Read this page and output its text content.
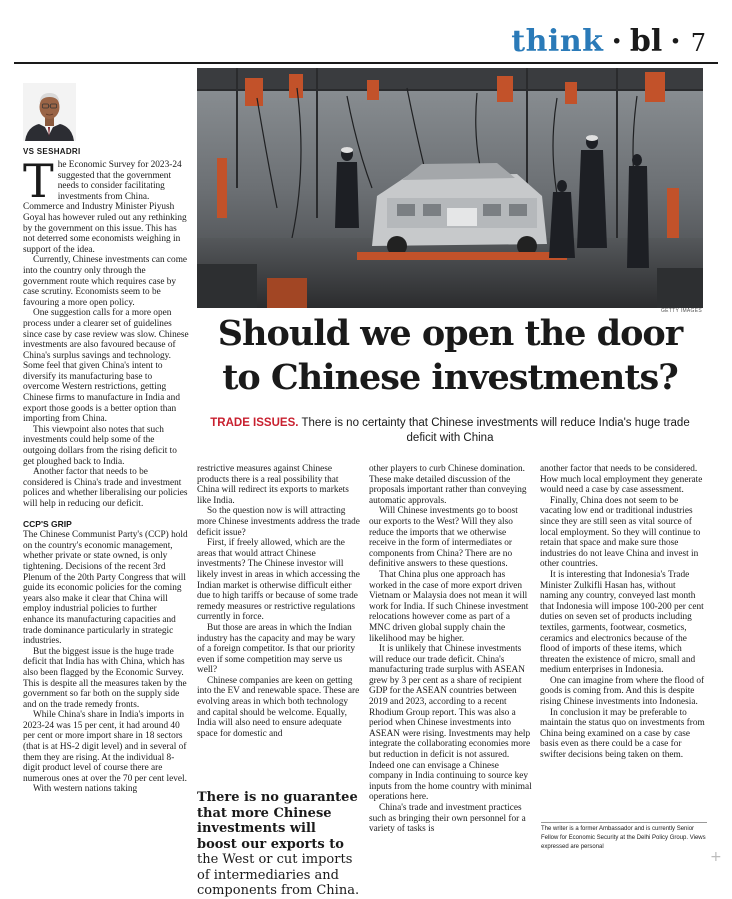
think · bl · 7
VS SESHADRI
T he Economic Survey for 2023-24 suggested that the government needs to consider facilitating investments from China. Commerce and Industry Minister Piyush Goyal has however ruled out any rethinking by the government on this issue. This has not deterred some economists weighing in support of the idea.

Currently, Chinese investments can come into the country only through the government route which requires case by case scrutiny. Economists seem to be favouring a more open policy.

One suggestion calls for a more open process under a clearer set of guidelines since case by case review was slow. Chinese investments are also favoured because of China's surplus savings and technology. Some feel that given China's intent to diversify its manufacturing base to overcome Western restrictions, getting Chinese firms to manufacture in India and export those goods is a better option than importing from China.

This viewpoint also notes that such investments could help some of the outgoing dollars from the rising deficit to get ploughed back to India.

Another factor that needs to be considered is China's trade and investment polices and whether liberalising our policies will help in reducing our deficit.

CCP'S GRIP

The Chinese Communist Party's (CCP) hold on the country's economic management, whether private or state owned, is only tightening. Decisions of the recent 3rd Plenum of the 20th Party Congress that will guide its economic policies for the coming years also make it clear that China will employ industrial policies to further enhance its manufacturing capacities and trade dominance particularly in strategic industries.

But the biggest issue is the huge trade deficit that India has with China, which has also been flagged by the Economic Survey. This is despite all the measures taken by the government so far both on the supply side and on the trade remedy fronts.

While China's share in India's imports in 2023-24 was 15 per cent, it had around 40 per cent or more import share in 18 sectors (that is at HS-2 digit level) and in several of them they are rising. At the individual 8-digit product level of course there are numerous ones at over the 70 per cent level.

With western nations taking

GETTY IMAGES
Should we open the door
to Chinese investments?
TRADE ISSUES. There is no certainty that Chinese investments will reduce India's huge trade deficit with China

restrictive measures against Chinese products there is a real possibility that China will redirect its exports to markets like India.

So the question now is will attracting more Chinese investments address the trade deficit issue?

First, if freely allowed, which are the areas that would attract Chinese investments? The Chinese investor will likely invest in areas in which accessing the Indian market is otherwise difficult either due to high tariffs or because of some trade remedy measures or restrictive regulations currently in force.

But those are areas in which the Indian industry has the capacity and may be wary of a foreign competitor. Is that our priority even if some competition may serve us well?

Chinese companies are keen on getting into the EV and renewable space. These are evolving areas in which both technology and capital should be welcome. Equally, India will also need to ensure adequate space for domestic and

There is no guarantee that more Chinese investments will boost our exports to the West or cut imports of intermediaries and components from China.

other players to curb Chinese domination. These make detailed discussion of the proposals important rather than conveying automatic approvals.

Will Chinese investments go to boost our exports to the West? Will they also reduce the imports that we otherwise receive in the form of intermediates or components from China? There are no definitive answers to these questions.

That China plus one approach has worked in the case of more export driven Vietnam or Malaysia does not mean it will work for India. If such Chinese investment relocations however come as part of a MNC driven global supply chain the likelihood may be higher.

It is unlikely that Chinese investments will reduce our trade deficit. China's manufacturing trade surplus with ASEAN grew by 3 per cent as a share of recipient GDP for the ASEAN countries between 2019 and 2023, according to a recent Rhodium Group report. This was also a period when Chinese investments into ASEAN were rising. Investments may help integrate the collaborating economies more but reduction in deficit is not assured. Indeed one can envisage a Chinese company in India continuing to source key inputs from the home country with minimal operations here.

China's trade and investment practices such as bringing their own personnel for a variety of tasks is

another factor that needs to be considered. How much local employment they generate would need a case by case assessment.

Finally, China does not seem to be vacating low end or traditional industries since they are still seen as vital source of local employment. So they will continue to retain that space and make sure those industries do not leave China and invest in other countries.

It is interesting that Indonesia's Trade Minister Zulkifli Hasan has, without naming any country, conveyed last month that Indonesia will impose 100-200 per cent duties on seven set of products including textiles, garments, footwear, cosmetics, ceramics and electronics because of the flood of imports of these items, which threaten the existence of micro, small and medium enterprises in Indonesia.

One can imagine from where the flood of goods is coming from. And this is despite rising Chinese investments into Indonesia.

In conclusion it may be preferable to maintain the status quo on investments from China being examined on a case by case basis even as there could be a case for swifter decisions being taken on them.

The writer is a former Ambassador and is currently Senior Fellow for Economic Security at the Delhi Policy Group. Views expressed are personal
+
